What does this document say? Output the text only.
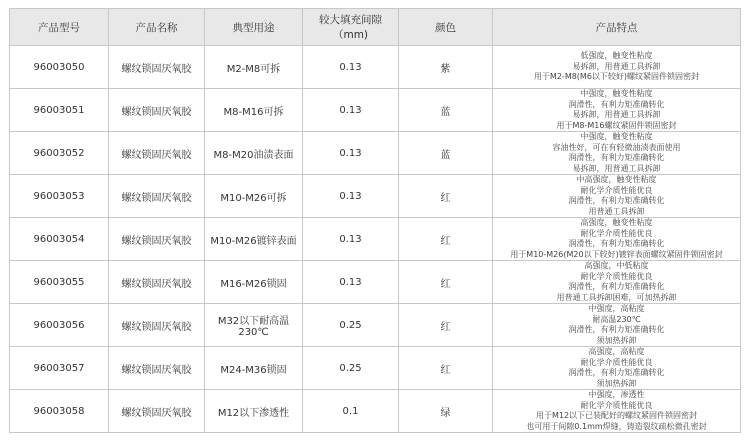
产品型号	产品名称	典型用途	较大填充间隙（mm)	颜色	产品特点
96003050	螺纹锁固厌氧胶	M2-M8可拆	0.13	紫	低强度，触变性粘度
易拆卸，用普通工具拆卸
用于M2-M8(M6以下较好)螺纹紧固件锁固密封

96003051	螺纹锁固厌氧胶	M8-M16可拆	0.13	蓝	中强度，触变性粘度
润滑性，有利力矩准确转化
易拆卸，用普通工具拆卸
用于M8-M16螺纹紧固件锁固密封

96003052	螺纹锁固厌氧胶	M8-M20油渍表面	0.13	蓝	中强度，触变性粘度
容油性好，可在有轻微油渍表面使用
润滑性，有利力矩准确转化
易拆卸，用普通工具拆卸

96003053	螺纹锁固厌氧胶	M10-M26可拆	0.13	红	中高强度，触变性粘度
耐化学介质性能优良
润滑性，有利力矩准确转化
用普通工具拆卸

96003054	螺纹锁固厌氧胶	M10-M26镀锌表面	0.13	红	高强度，触变性粘度
耐化学介质性能优良
润滑性，有利力矩准确转化
用于M10-M26(M20以下较好)镀锌表面螺纹紧固件锁固密封

96003055	螺纹锁固厌氧胶	M16-M26锁固	0.13	红	高强度，中低粘度
耐化学介质性能优良
润滑性，有利力矩准确转化
用普通工具拆卸困难，可加热拆卸

96003056	螺纹锁固厌氧胶	M32以下耐高温230℃	0.25	红	中强度，高粘度
耐高温230℃
润滑性，有利力矩准确转化
须加热拆卸

96003057	螺纹锁固厌氧胶	M24-M36锁固	0.25	红	高强度，高粘度
耐化学介质性能优良
润滑性，有利力矩准确转化
须加热拆卸

96003058	螺纹锁固厌氧胶	M12以下渗透性	0.1	绿	中强度，渗透性
耐化学介质性能优良
用于M12以下已装配好的螺纹紧固件锁固密封
也可用于间隙0.1mm焊缝，铸造裂纹疏松微孔密封
